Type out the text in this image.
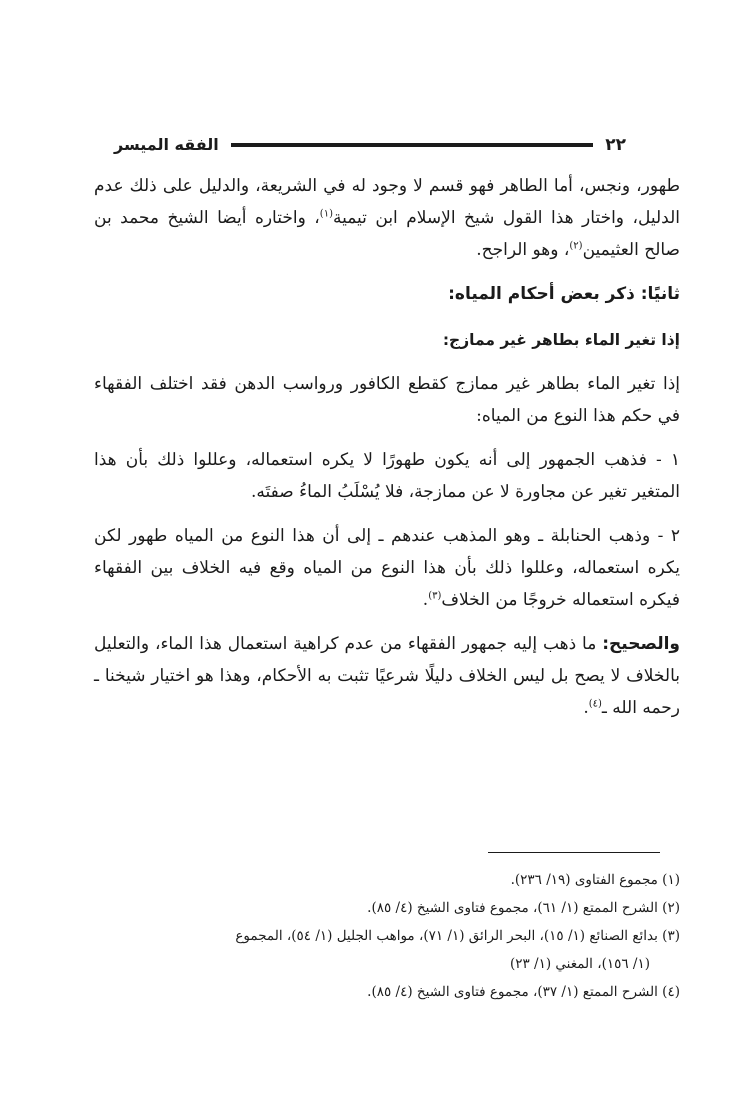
٢٢
الفقه الميسر

طهور، ونجس، أما الطاهر فهو قسم لا وجود له في الشريعة، والدليل على ذلك عدم الدليل، واختار هذا القول شيخ الإسلام ابن تيمية$^{(١)}$، واختاره أيضا الشيخ محمد بن صالح العثيمين$^{(٢)}$، وهو الراجح.

ثانيًا: ذكر بعض أحكام المياه:

إذا تغير الماء بطاهر غير ممازج:

إذا تغير الماء بطاهر غير ممازج كقطع الكافور ورواسب الدهن فقد اختلف الفقهاء في حكم هذا النوع من المياه:

١ - فذهب الجمهور إلى أنه يكون طهورًا لا يكره استعماله، وعللوا ذلك بأن هذا المتغير تغير عن مجاورة لا عن ممازجة، فلا يُسْلَبُ الماءُ صفتَه.

٢ - وذهب الحنابلة ـ وهو المذهب عندهم ـ إلى أن هذا النوع من المياه طهور لكن يكره استعماله، وعللوا ذلك بأن هذا النوع من المياه وقع فيه الخلاف بين الفقهاء فيكره استعماله خروجًا من الخلاف$^{(٣)}$.

والصحيح: ما ذهب إليه جمهور الفقهاء من عدم كراهية استعمال هذا الماء، والتعليل بالخلاف لا يصح بل ليس الخلاف دليلًا شرعيًا تثبت به الأحكام، وهذا هو اختيار شيخنا ـ رحمه الله ـ$^{(٤)}$.

(١) مجموع الفتاوى (١٩/ ٢٣٦).

(٢) الشرح الممتع (١/ ٦١)، مجموع فتاوى الشيخ (٤/ ٨٥).

(٣) بدائع الصنائع (١/ ١٥)، البحر الرائق (١/ ٧١)، مواهب الجليل (١/ ٥٤)، المجموع

(١/ ١٥٦)، المغني (١/ ٢٣)

(٤) الشرح الممتع (١/ ٣٧)، مجموع فتاوى الشيخ (٤/ ٨٥).
